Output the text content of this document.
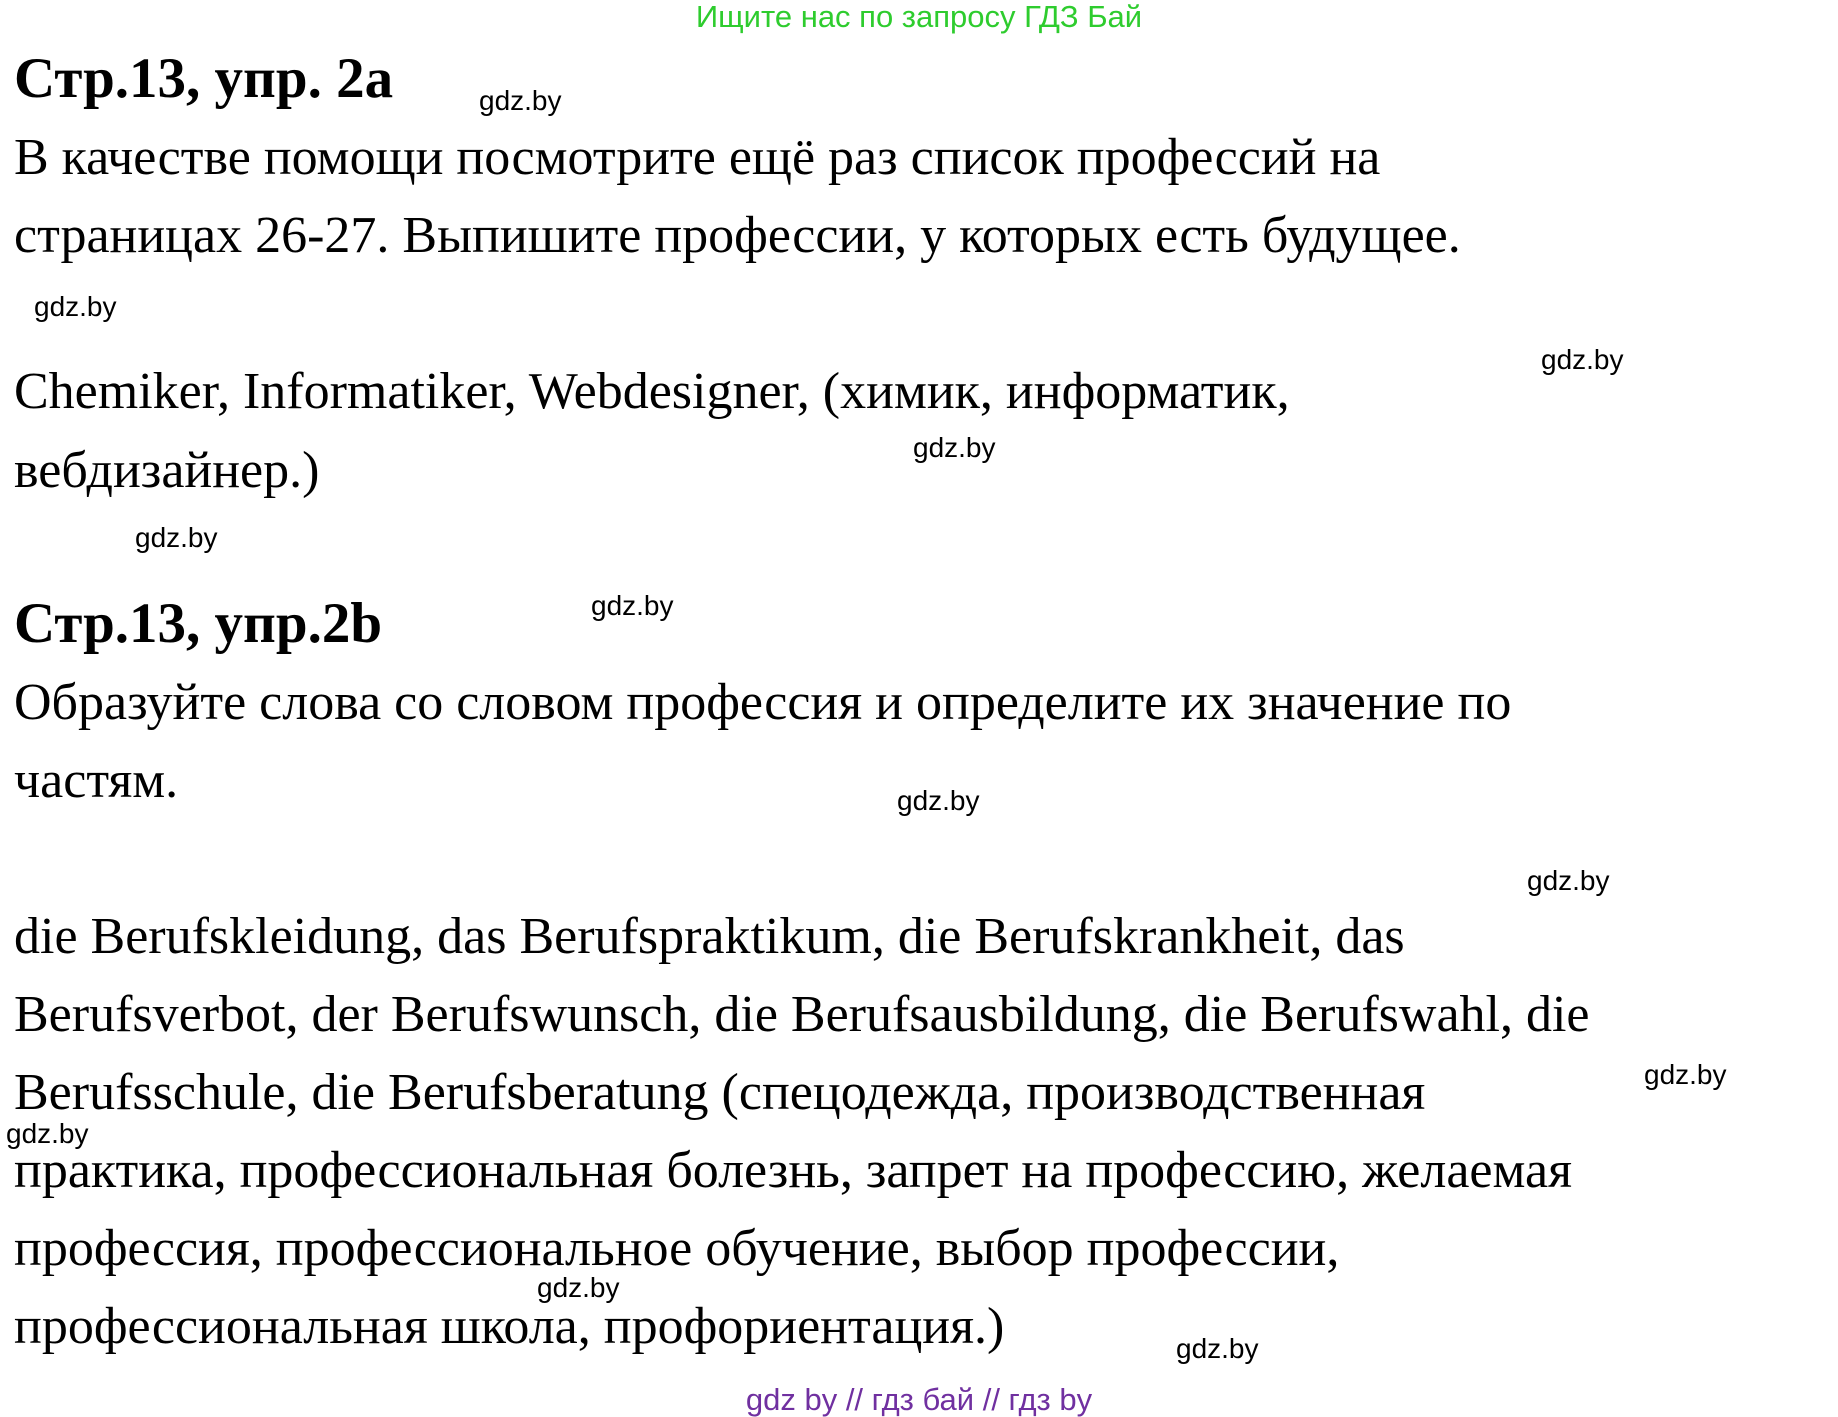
Ищите нас по запросу ГДЗ Бай
Стр.13, упр. 2а
В качестве помощи посмотрите ещё раз список профессий на
страницах 26-27. Выпишите профессии, у которых есть будущее.
Chemiker, Informatiker, Webdesigner, (химик, информатик,
вебдизайнер.)
Стр.13, упр.2b
Образуйте слова со словом профессия и определите их значение по
частям.
die Berufskleidung, das Berufspraktikum, die Berufskrankheit, das
Berufsverbot, der Berufswunsch, die Berufsausbildung, die Berufswahl, die
Berufsschule, die Berufsberatung (спецодежда, производственная
практика, профессиональная болезнь, запрет на профессию, желаемая
профессия, профессиональное обучение, выбор профессии,
профессиональная школа, профориентация.)
gdz.by
gdz.by
gdz.by
gdz.by
gdz.by
gdz.by
gdz.by
gdz.by
gdz.by
gdz.by
gdz.by
gdz.by
gdz by // гдз бай // гдз by
